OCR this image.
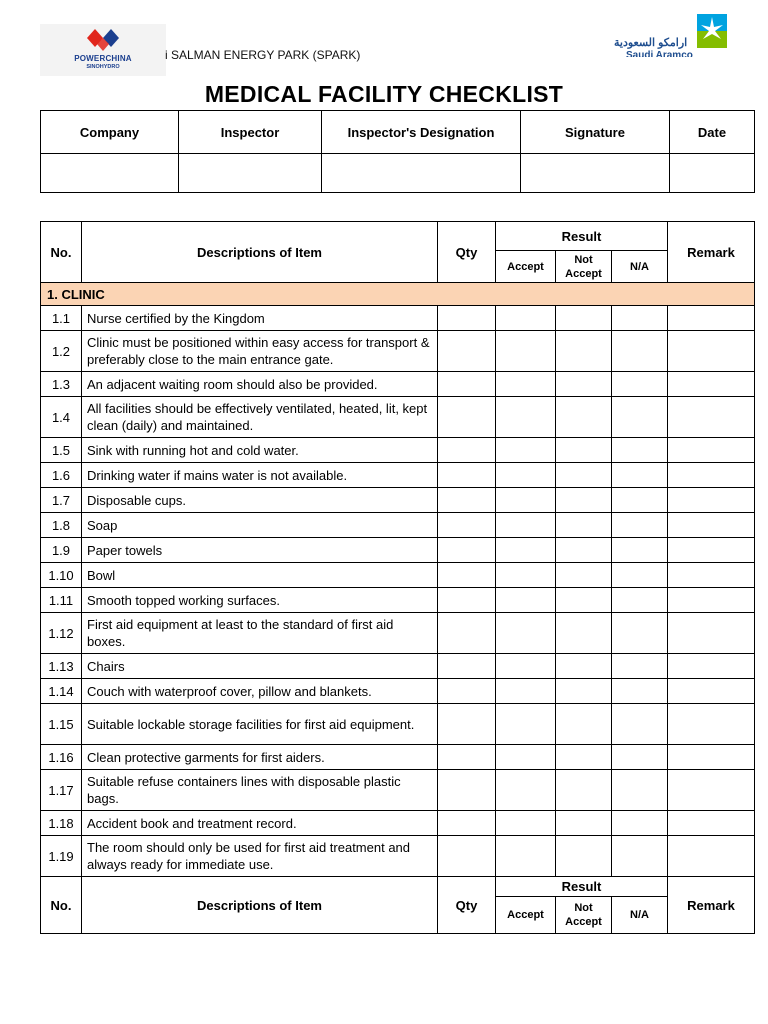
POWERCHINA
SINOHYDRO
i SALMAN ENERGY PARK (SPARK)
ارامكو السعودية
Saudi Aramco
MEDICAL FACILITY CHECKLIST
Company	Inspector	Inspector's Designation	Signature	Date

No.	Descriptions of Item	Qty	Result			Remark
			Accept	Not Accept	N/A	
1. CLINIC						
1.1	Nurse certified by the Kingdom					
1.2	Clinic must be positioned within easy access for transport & preferably close to the main entrance gate.					
1.3	An adjacent waiting room should also be provided.					
1.4	All facilities should be effectively ventilated, heated, lit, kept clean (daily) and maintained.					
1.5	Sink with running hot and cold water.					
1.6	Drinking water if mains water is not available.					
1.7	Disposable cups.					
1.8	Soap					
1.9	Paper towels					
1.10	Bowl					
1.11	Smooth topped working surfaces.					
1.12	First aid equipment at least to the standard of first aid boxes.					
1.13	Chairs					
1.14	Couch with waterproof cover, pillow and blankets.					
1.15	Suitable lockable storage facilities for first aid equipment.					
1.16	Clean protective garments for first aiders.					
1.17	Suitable refuse containers lines with disposable plastic bags.					
1.18	Accident book and treatment record.					
1.19	The room should only be used for first aid treatment and always ready for immediate use.					
No.	Descriptions of Item	Qty	Result			Remark
			Accept	Not Accept	N/A	
